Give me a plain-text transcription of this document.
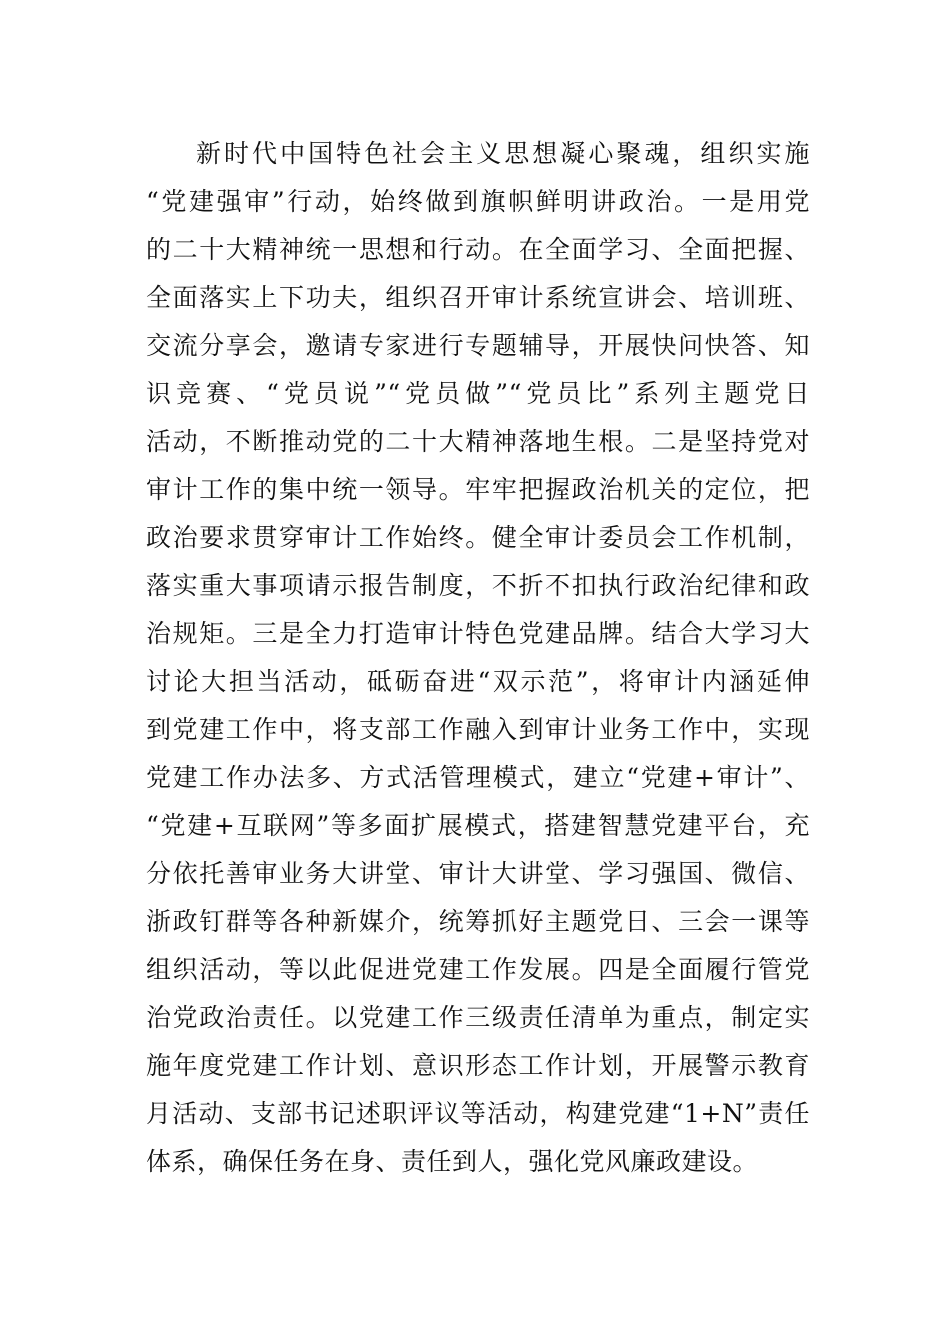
新时代中国特色社会主义思想凝心聚魂，组织实施
“党建强审”行动，始终做到旗帜鲜明讲政治。一是用党
的二十大精神统一思想和行动。在全面学习、全面把握、
全面落实上下功夫，组织召开审计系统宣讲会、培训班、
交流分享会，邀请专家进行专题辅导，开展快问快答、知
识竞赛、“党员说”“党员做”“党员比”系列主题党日
活动，不断推动党的二十大精神落地生根。二是坚持党对
审计工作的集中统一领导。牢牢把握政治机关的定位，把
政治要求贯穿审计工作始终。健全审计委员会工作机制，
落实重大事项请示报告制度，不折不扣执行政治纪律和政
治规矩。三是全力打造审计特色党建品牌。结合大学习大
讨论大担当活动，砥砺奋进“双示范”，将审计内涵延伸
到党建工作中，将支部工作融入到审计业务工作中，实现
党建工作办法多、方式活管理模式，建立“党建+审计”、
“党建+互联网”等多面扩展模式，搭建智慧党建平台，充
分依托善审业务大讲堂、审计大讲堂、学习强国、微信、
浙政钉群等各种新媒介，统筹抓好主题党日、三会一课等
组织活动，等以此促进党建工作发展。四是全面履行管党
治党政治责任。以党建工作三级责任清单为重点，制定实
施年度党建工作计划、意识形态工作计划，开展警示教育
月活动、支部书记述职评议等活动，构建党建“1+N”责任
体系，确保任务在身、责任到人，强化党风廉政建设。
